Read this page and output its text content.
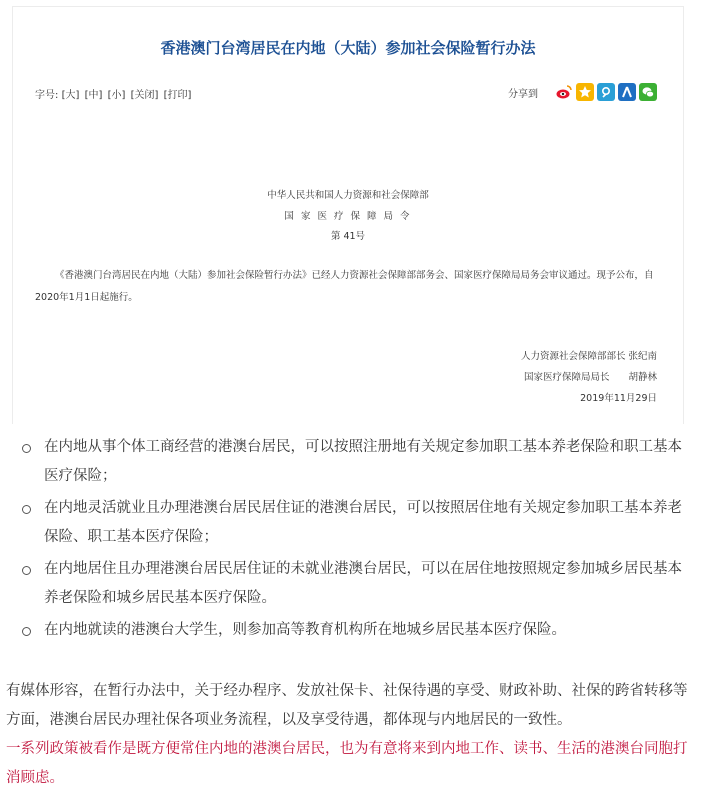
香港澳门台湾居民在内地（大陆）参加社会保险暂行办法
字号: [大] [中] [小] [关闭] [打印]	分享到
中华人民共和国人力资源和社会保障部
国 家 医 疗 保 障 局 令
第 41号
《香港澳门台湾居民在内地（大陆）参加社会保险暂行办法》已经人力资源社会保障部部务会、国家医疗保障局局务会审议通过。现予公布，自2020年1月1日起施行。
人力资源社会保障部部长 张纪南
国家医疗保障局局长　　胡静林
2019年11月29日
在内地从事个体工商经营的港澳台居民，可以按照注册地有关规定参加职工基本养老保险和职工基本医疗保险；
在内地灵活就业且办理港澳台居民居住证的港澳台居民，可以按照居住地有关规定参加职工基本养老保险、职工基本医疗保险；
在内地居住且办理港澳台居民居住证的未就业港澳台居民，可以在居住地按照规定参加城乡居民基本养老保险和城乡居民基本医疗保险。
在内地就读的港澳台大学生，则参加高等教育机构所在地城乡居民基本医疗保险。

有媒体形容，在暂行办法中，关于经办程序、发放社保卡、社保待遇的享受、财政补助、社保的跨省转移等方面，港澳台居民办理社保各项业务流程，以及享受待遇，都体现与内地居民的一致性。

一系列政策被看作是既方便常住内地的港澳台居民，也为有意将来到内地工作、读书、生活的港澳台同胞打消顾虑。
